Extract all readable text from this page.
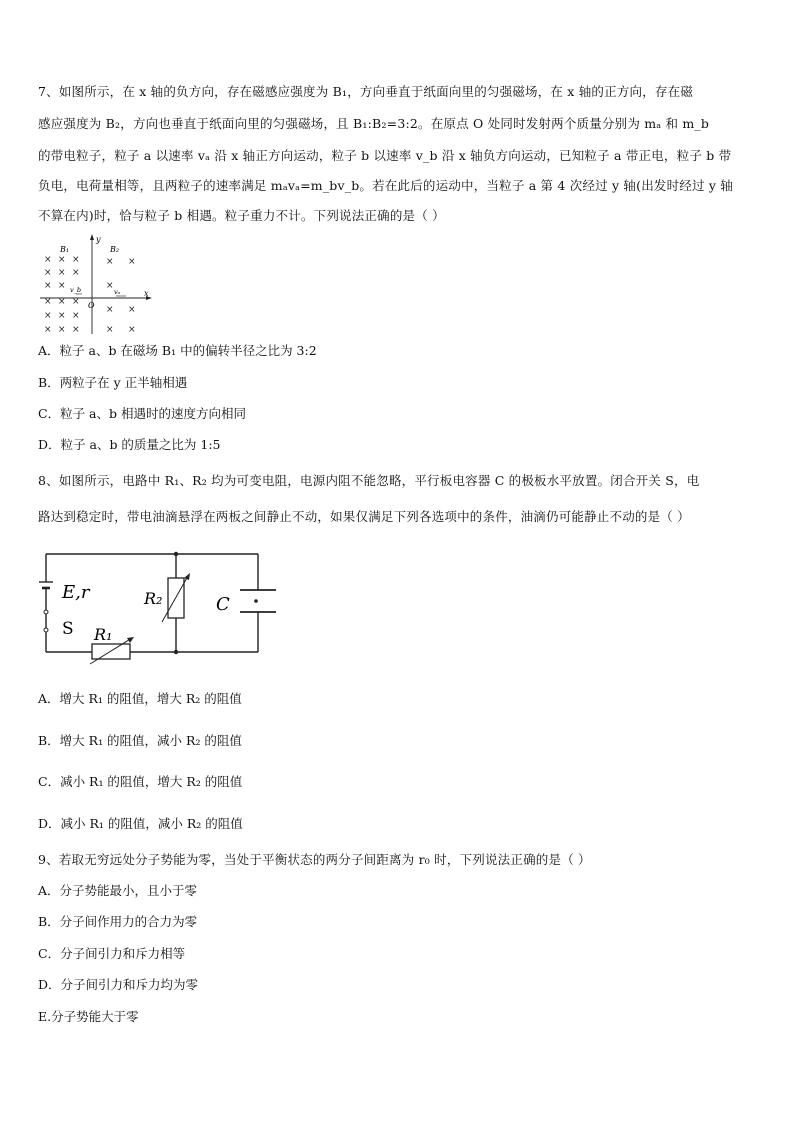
7、如图所示，在 x 轴的负方向，存在磁感应强度为 B₁，方向垂直于纸面向里的匀强磁场，在 x 轴的正方向，存在磁
感应强度为 B₂，方向也垂直于纸面向里的匀强磁场，且 B₁:B₂=3:2。在原点 O 处同时发射两个质量分别为 mₐ 和 m_b
的带电粒子，粒子 a 以速率 vₐ 沿 x 轴正方向运动，粒子 b 以速率 v_b 沿 x 轴负方向运动，已知粒子 a 带正电，粒子 b 带
负电，电荷量相等，且两粒子的速率满足 mₐvₐ=m_bv_b。若在此后的运动中，当粒子 a 第 4 次经过 y 轴(出发时经过 y 轴
不算在内)时，恰与粒子 b 相遇。粒子重力不计。下列说法正确的是（ ）
y
x
O
B₁	B₂
v_b	vₐ
× × ×
× × ×
× ×
× × ×
× × ×
× × ×
× ×
×
× ×
× ×
A．粒子 a、b 在磁场 B₁ 中的偏转半径之比为 3:2
B．两粒子在 y 正半轴相遇
C．粒子 a、b 相遇时的速度方向相同
D．粒子 a、b 的质量之比为 1:5
8、如图所示，电路中 R₁、R₂ 均为可变电阻，电源内阻不能忽略，平行板电容器 C 的极板水平放置。闭合开关 S，电
路达到稳定时，带电油滴悬浮在两板之间静止不动，如果仅满足下列各选项中的条件，油滴仍可能静止不动的是（ ）
E,r
S R₁
R₂	C
A．增大 R₁ 的阻值，增大 R₂ 的阻值
B．增大 R₁ 的阻值，减小 R₂ 的阻值
C．减小 R₁ 的阻值，增大 R₂ 的阻值
D．减小 R₁ 的阻值，减小 R₂ 的阻值
9、若取无穷远处分子势能为零，当处于平衡状态的两分子间距离为 r₀ 时，下列说法正确的是（ ）
A．分子势能最小，且小于零
B．分子间作用力的合力为零
C．分子间引力和斥力相等
D．分子间引力和斥力均为零
E.分子势能大于零
